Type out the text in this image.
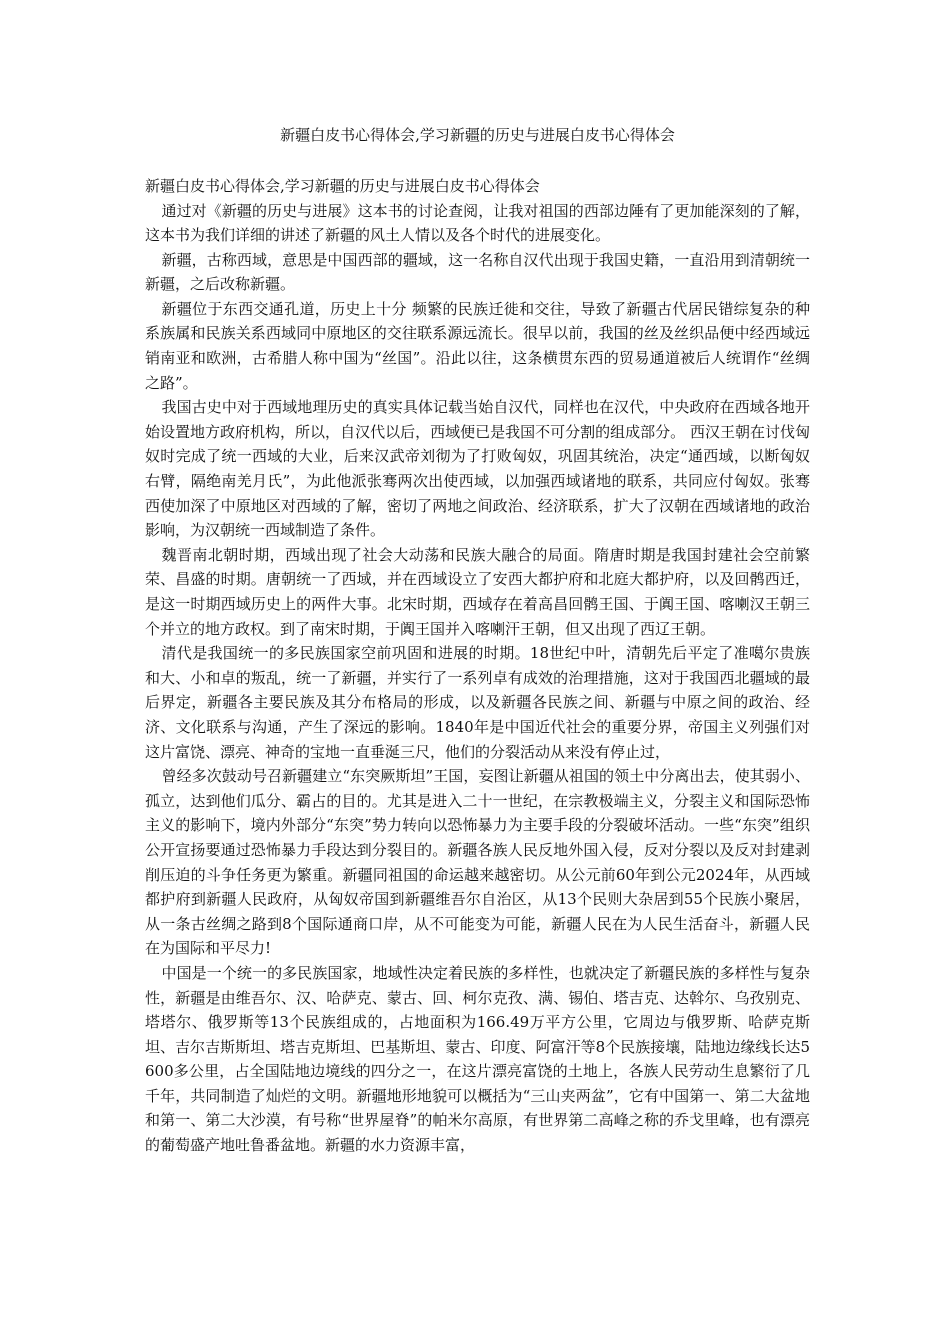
新疆白皮书心得体会,学习新疆的历史与进展白皮书心得体会

新疆白皮书心得体会,学习新疆的历史与进展白皮书心得体会

通过对《新疆的历史与进展》这本书的讨论查阅，让我对祖国的西部边陲有了更加能深刻的了解，这本书为我们详细的讲述了新疆的风土人情以及各个时代的进展变化。

新疆，古称西域，意思是中国西部的疆域，这一名称自汉代出现于我国史籍，一直沿用到清朝统一新疆，之后改称新疆。

新疆位于东西交通孔道，历史上十分 频繁的民族迁徙和交往，导致了新疆古代居民错综复杂的种系族属和民族关系西域同中原地区的交往联系源远流长。很早以前，我国的丝及丝织品便中经西域远销南亚和欧洲，古希腊人称中国为“丝国”。沿此以往，这条横贯东西的贸易通道被后人统谓作“丝绸之路”。

我国古史中对于西域地理历史的真实具体记载当始自汉代，同样也在汉代，中央政府在西域各地开始设置地方政府机构，所以，自汉代以后，西域便已是我国不可分割的组成部分。 西汉王朝在讨伐匈奴时完成了统一西域的大业，后来汉武帝刘彻为了打败匈奴，巩固其统治，决定“通西域，以断匈奴右臂，隔绝南羌月氏”，为此他派张骞两次出使西域，以加强西域诸地的联系，共同应付匈奴。张骞西使加深了中原地区对西域的了解，密切了两地之间政治、经济联系，扩大了汉朝在西域诸地的政治影响，为汉朝统一西域制造了条件。

魏晋南北朝时期，西域出现了社会大动荡和民族大融合的局面。隋唐时期是我国封建社会空前繁荣、昌盛的时期。唐朝统一了西域，并在西域设立了安西大都护府和北庭大都护府，以及回鹘西迁，是这一时期西域历史上的两件大事。北宋时期，西域存在着高昌回鹘王国、于阗王国、喀喇汉王朝三个并立的地方政权。到了南宋时期，于阗王国并入喀喇汗王朝，但又出现了西辽王朝。

清代是我国统一的多民族国家空前巩固和进展的时期。18世纪中叶，清朝先后平定了准噶尔贵族和大、小和卓的叛乱，统一了新疆，并实行了一系列卓有成效的治理措施，这对于我国西北疆域的最后界定，新疆各主要民族及其分布格局的形成，以及新疆各民族之间、新疆与中原之间的政治、经济、文化联系与沟通，产生了深远的影响。1840年是中国近代社会的重要分界，帝国主义列强们对这片富饶、漂亮、神奇的宝地一直垂涎三尺，他们的分裂活动从来没有停止过，

曾经多次鼓动号召新疆建立“东突厥斯坦”王国，妄图让新疆从祖国的领土中分离出去，使其弱小、孤立，达到他们瓜分、霸占的目的。尤其是进入二十一世纪，在宗教极端主义，分裂主义和国际恐怖主义的影响下，境内外部分“东突”势力转向以恐怖暴力为主要手段的分裂破坏活动。一些“东突”组织公开宣扬要通过恐怖暴力手段达到分裂目的。新疆各族人民反地外国入侵，反对分裂以及反对封建剥削压迫的斗争任务更为繁重。新疆同祖国的命运越来越密切。从公元前60年到公元2024年，从西域都护府到新疆人民政府，从匈奴帝国到新疆维吾尔自治区，从13个民则大杂居到55个民族小聚居，从一条古丝绸之路到8个国际通商口岸，从不可能变为可能，新疆人民在为人民生活奋斗，新疆人民在为国际和平尽力!

中国是一个统一的多民族国家，地域性决定着民族的多样性，也就决定了新疆民族的多样性与复杂性，新疆是由维吾尔、汉、哈萨克、蒙古、回、柯尔克孜、满、锡伯、塔吉克、达斡尔、乌孜别克、塔塔尔、俄罗斯等13个民族组成的，占地面积为166.49万平方公里，它周边与俄罗斯、哈萨克斯坦、吉尔吉斯斯坦、塔吉克斯坦、巴基斯坦、蒙古、印度、阿富汗等8个民族接壤，陆地边缘线长达5600多公里，占全国陆地边境线的四分之一，在这片漂亮富饶的土地上，各族人民劳动生息繁衍了几千年，共同制造了灿烂的文明。新疆地形地貌可以概括为“三山夹两盆”，它有中国第一、第二大盆地和第一、第二大沙漠，有号称“世界屋脊”的帕米尔高原，有世界第二高峰之称的乔戈里峰，也有漂亮的葡萄盛产地吐鲁番盆地。新疆的水力资源丰富，
